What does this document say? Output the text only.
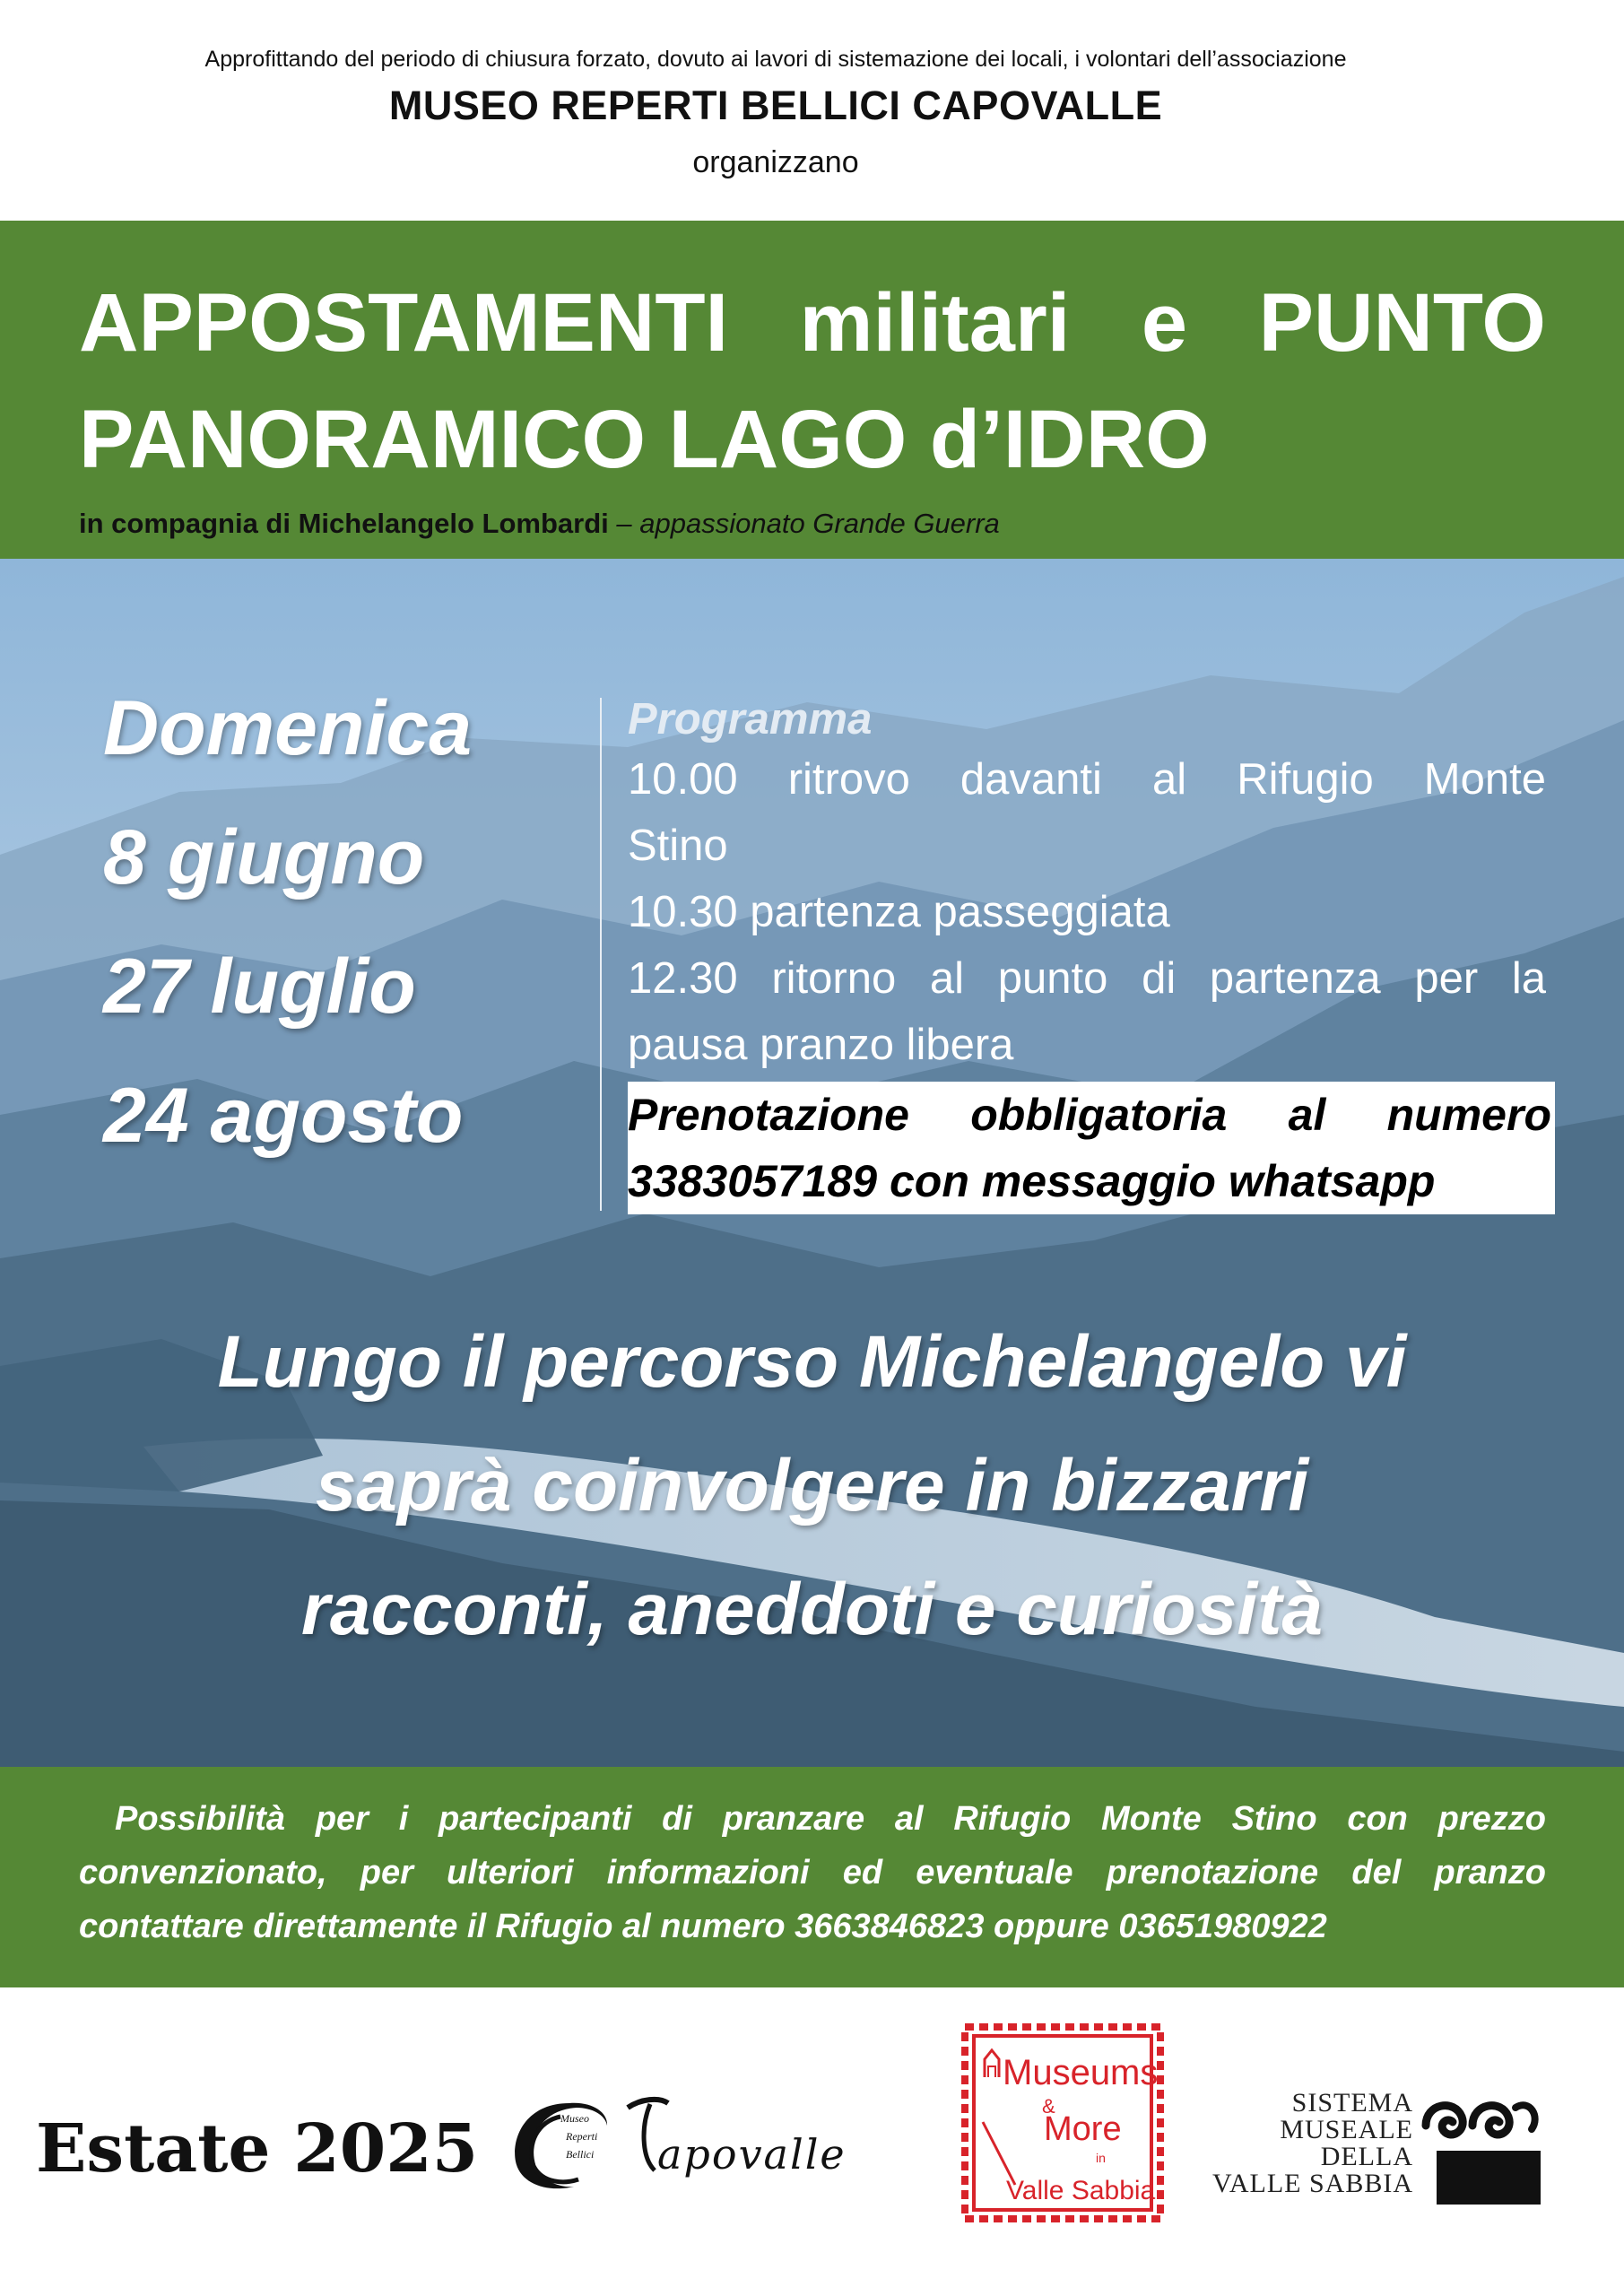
Approfittando del periodo di chiusura forzato, dovuto ai lavori di sistemazione dei locali, i volontari dell’associazione
MUSEO REPERTI BELLICI CAPOVALLE
organizzano
APPOSTAMENTI militari e PUNTO
PANORAMICO LAGO d’IDRO
in compagnia di Michelangelo Lombardi – appassionato Grande Guerra
Domenica
8 giugno
27 luglio
24 agosto
Programma
10.00 ritrovo davanti al Rifugio Monte
Stino
10.30 partenza passeggiata
12.30 ritorno al punto di partenza per la
pausa pranzo libera
Prenotazione obbligatoria al numero
3383057189 con messaggio whatsapp
Lungo il percorso Michelangelo vi
saprà coinvolgere in bizzarri
racconti, aneddoti e curiosità
Possibilità per i partecipanti di pranzare al Rifugio Monte Stino con prezzo
convenzionato, per ulteriori informazioni ed eventuale prenotazione del pranzo
contattare direttamente il Rifugio al numero 3663846823 oppure 03651980922
Estate 2025	Museo
Reperti
Bellici apovalle
Museums
&
More
in
Valle Sabbia
SISTEMA
MUSEALE
DELLA
VALLE SABBIA
